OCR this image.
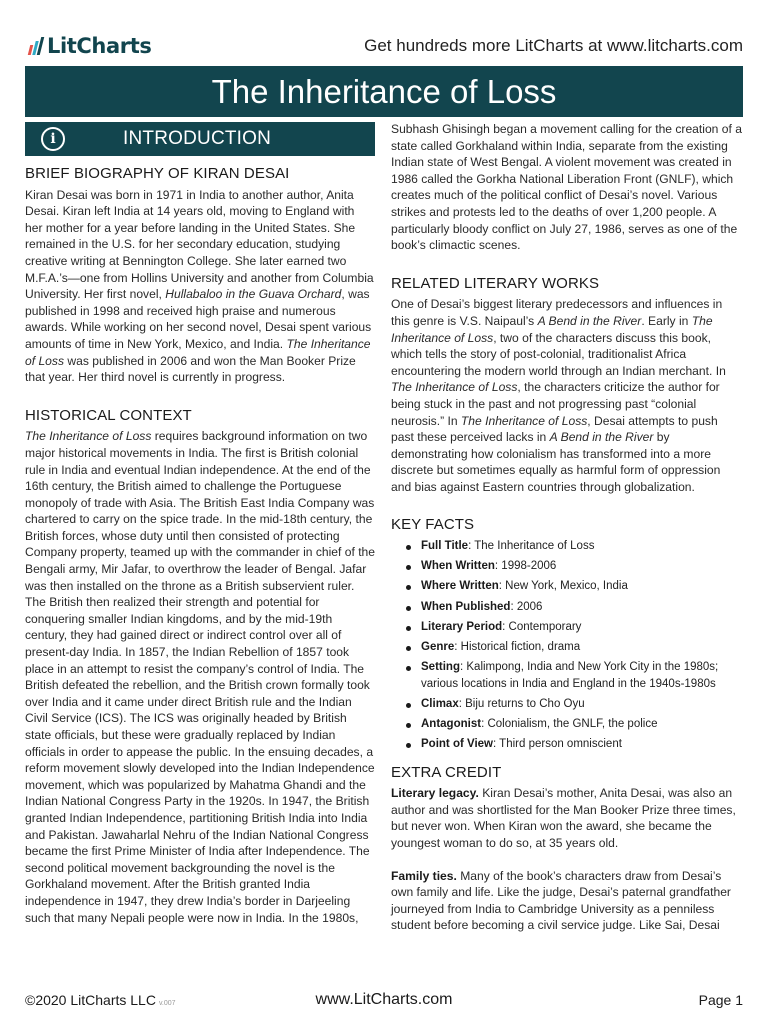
LitCharts	Get hundreds more LitCharts at www.litcharts.com
The Inheritance of Loss
i	INTRODUCTION
BRIEF BIOGRAPHY OF KIRAN DESAI

Kiran Desai was born in 1971 in India to another author, Anita Desai. Kiran left India at 14 years old, moving to England with her mother for a year before landing in the United States. She remained in the U.S. for her secondary education, studying creative writing at Bennington College. She later earned two M.F.A.’s—one from Hollins University and another from Columbia University. Her first novel, Hullabaloo in the Guava Orchard, was published in 1998 and received high praise and numerous awards. While working on her second novel, Desai spent various amounts of time in New York, Mexico, and India. The Inheritance of Loss was published in 2006 and won the Man Booker Prize that year. Her third novel is currently in progress.

HISTORICAL CONTEXT

The Inheritance of Loss requires background information on two major historical movements in India. The first is British colonial rule in India and eventual Indian independence. At the end of the 16th century, the British aimed to challenge the Portuguese monopoly of trade with Asia. The British East India Company was chartered to carry on the spice trade. In the mid-18th century, the British forces, whose duty until then consisted of protecting Company property, teamed up with the commander in chief of the Bengali army, Mir Jafar, to overthrow the leader of Bengal. Jafar was then installed on the throne as a British subservient ruler. The British then realized their strength and potential for conquering smaller Indian kingdoms, and by the mid-19th century, they had gained direct or indirect control over all of present-day India. In 1857, the Indian Rebellion of 1857 took place in an attempt to resist the company’s control of India. The British defeated the rebellion, and the British crown formally took over India and it came under direct British rule and the Indian Civil Service (ICS). The ICS was originally headed by British state officials, but these were gradually replaced by Indian officials in order to appease the public. In the ensuing decades, a reform movement slowly developed into the Indian Independence movement, which was popularized by Mahatma Ghandi and the Indian National Congress Party in the 1920s. In 1947, the British granted Indian Independence, partitioning British India into India and Pakistan. Jawaharlal Nehru of the Indian National Congress became the first Prime Minister of India after Independence. The second political movement backgrounding the novel is the Gorkhaland movement. After the British granted India independence in 1947, they drew India’s border in Darjeeling such that many Nepali people were now in India. In the 1980s,

Subhash Ghisingh began a movement calling for the creation of a state called Gorkhaland within India, separate from the existing Indian state of West Bengal. A violent movement was created in 1986 called the Gorkha National Liberation Front (GNLF), which creates much of the political conflict of Desai’s novel. Various strikes and protests led to the deaths of over 1,200 people. A particularly bloody conflict on July 27, 1986, serves as one of the book’s climactic scenes.

RELATED LITERARY WORKS

One of Desai’s biggest literary predecessors and influences in this genre is V.S. Naipaul’s A Bend in the River. Early in The Inheritance of Loss, two of the characters discuss this book, which tells the story of post-colonial, traditionalist Africa encountering the modern world through an Indian merchant. In The Inheritance of Loss, the characters criticize the author for being stuck in the past and not progressing past “colonial neurosis.” In The Inheritance of Loss, Desai attempts to push past these perceived lacks in A Bend in the River by demonstrating how colonialism has transformed into a more discrete but sometimes equally as harmful form of oppression and bias against Eastern countries through globalization.

KEY FACTS
Full Title: The Inheritance of Loss
When Written: 1998-2006
Where Written: New York, Mexico, India
When Published: 2006
Literary Period: Contemporary
Genre: Historical fiction, drama
Setting: Kalimpong, India and New York City in the 1980s; various locations in India and England in the 1940s-1980s
Climax: Biju returns to Cho Oyu
Antagonist: Colonialism, the GNLF, the police
Point of View: Third person omniscient
EXTRA CREDIT

Literary legacy. Kiran Desai’s mother, Anita Desai, was also an author and was shortlisted for the Man Booker Prize three times, but never won. When Kiran won the award, she became the youngest woman to do so, at 35 years old.

Family ties. Many of the book’s characters draw from Desai’s own family and life. Like the judge, Desai’s paternal grandfather journeyed from India to Cambridge University as a penniless student before becoming a civil service judge. Like Sai, Desai

©2020 LitCharts LLC v.007	www.LitCharts.com	Page 1
